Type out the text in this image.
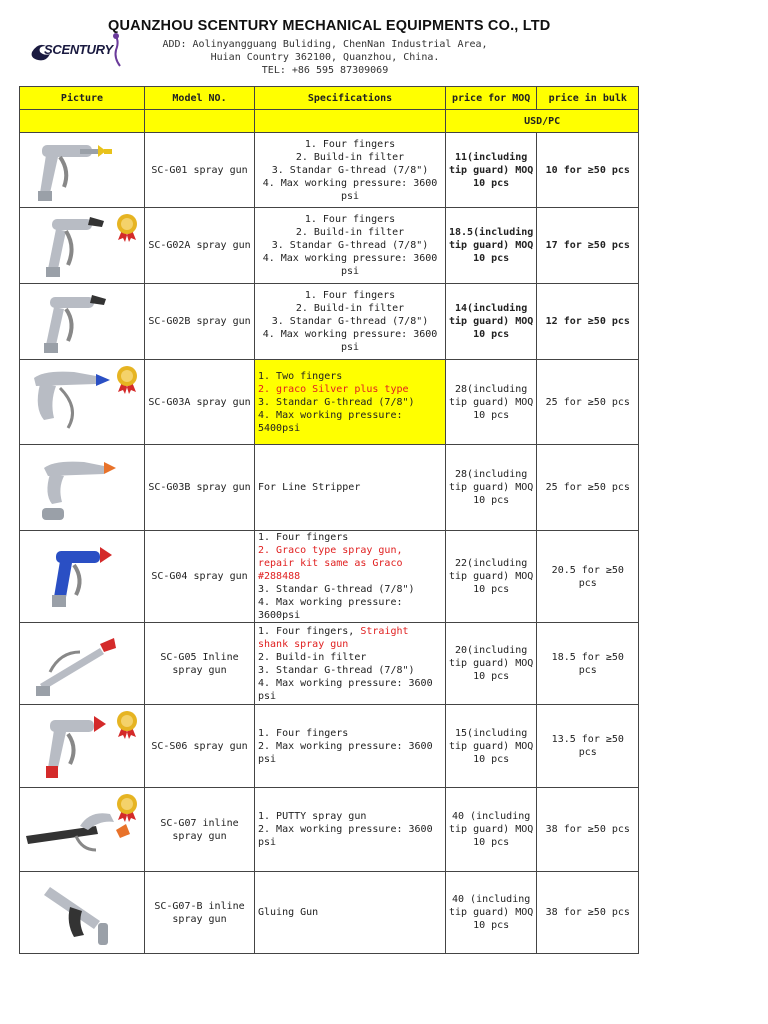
SCENTURY
QUANZHOU SCENTURY MECHANICAL EQUIPMENTS CO., LTD
ADD: Aolinyangguang Buliding, ChenNan Industrial Area,
Huian Country 362100, Quanzhou, China.
TEL: +86 595 87309069
Picture	Model NO.	Specifications	price for MOQ	price in bulk
			USD/PC	

	SC-G01 spray gun	1. Four fingers
2. Build-in filter
3. Standar G-thread (7/8")
4. Max working pressure: 3600 psi	11(including tip guard) MOQ 10 pcs	10 for ≥50 pcs

	SC-G02A spray gun	1. Four fingers
2. Build-in filter
3. Standar G-thread (7/8")
4. Max working pressure: 3600 psi	18.5(including tip guard) MOQ 10 pcs	17 for ≥50 pcs

	SC-G02B spray gun	1. Four fingers
2. Build-in filter
3. Standar G-thread (7/8")
4. Max working pressure: 3600 psi	14(including tip guard) MOQ 10 pcs	12 for ≥50 pcs

	SC-G03A spray gun	1. Two fingers
2. graco Silver plus type
3. Standar G-thread (7/8")
4. Max working pressure: 5400psi	28(including tip guard) MOQ 10 pcs	25 for ≥50 pcs

	SC-G03B spray gun	For Line Stripper	28(including tip guard) MOQ 10 pcs	25 for ≥50 pcs

	SC-G04 spray gun	1. Four fingers
2. Graco type spray gun, repair kit same as Graco #288488
3. Standar G-thread (7/8")
4. Max working pressure: 3600psi	22(including tip guard) MOQ 10 pcs	20.5 for ≥50 pcs

	SC-G05 Inline spray gun	1. Four fingers, Straight shank spray gun
2. Build-in filter
3. Standar G-thread (7/8")
4. Max working pressure: 3600 psi	20(including tip guard) MOQ 10 pcs	18.5 for ≥50 pcs

	SC-S06 spray gun	1. Four fingers
2. Max working pressure: 3600 psi	15(including tip guard) MOQ 10 pcs	13.5 for ≥50 pcs

	SC-G07 inline spray gun	1. PUTTY spray gun
2. Max working pressure: 3600 psi	40 (including tip guard) MOQ 10 pcs	38 for ≥50 pcs

	SC-G07-B inline spray gun	Gluing Gun	40 (including tip guard) MOQ 10 pcs	38 for ≥50 pcs
